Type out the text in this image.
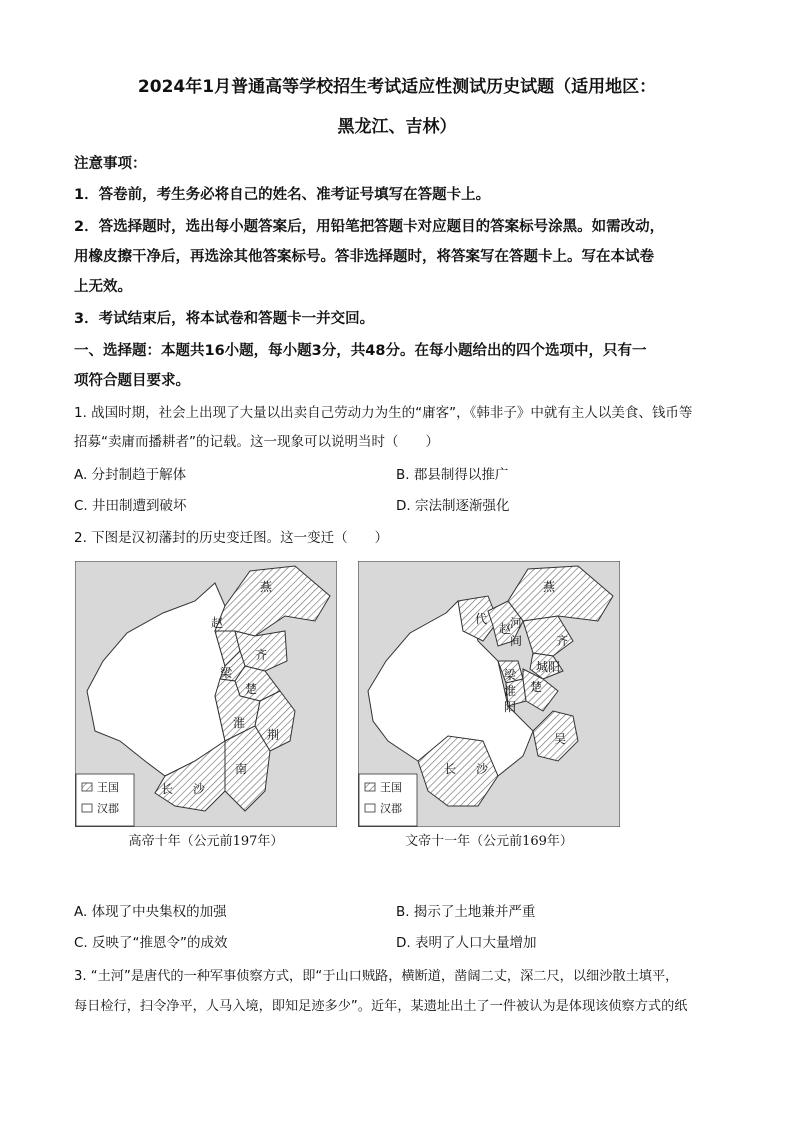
2024年1月普通高等学校招生考试适应性测试历史试题（适用地区：
黑龙江、吉林）
注意事项：
1．答卷前，考生务必将自己的姓名、准考证号填写在答题卡上。
2．答选择题时，选出每小题答案后，用铅笔把答题卡对应题目的答案标号涂黑。如需改动，
用橡皮擦干净后，再选涂其他答案标号。答非选择题时，将答案写在答题卡上。写在本试卷
上无效。
3．考试结束后，将本试卷和答题卡一并交回。
一、选择题：本题共16小题，每小题3分，共48分。在每小题给出的四个选项中，只有一
项符合题目要求。
1. 战国时期，社会上出现了大量以出卖自己劳动力为生的“庸客”，《韩非子》中就有主人以美食、钱币等
招募“卖庸而播耕者”的记载。这一现象可以说明当时（　　）
A. 分封制趋于解体	B. 郡县制得以推广
C. 井田制遭到破坏	D. 宗法制逐渐强化
2. 下图是汉初藩封的历史变迁图。这一变迁（　　）
燕
赵
齐
梁
楚
淮
荆
长 沙
南
王国
汉郡
高帝十年（公元前197年）
燕
代
赵
河
间	齐
城阳
梁
淮
阳
楚
吴
长 沙
王国
汉郡
文帝十一年（公元前169年）
A. 体现了中央集权的加强	B. 揭示了土地兼并严重
C. 反映了“推恩令”的成效	D. 表明了人口大量增加
3. “土河”是唐代的一种军事侦察方式，即“于山口贼路，横断道，凿阔二丈，深二尺，以细沙散土填平，
每日检行，扫令净平，人马入境，即知足迹多少”。近年，某遗址出土了一件被认为是体现该侦察方式的纸
